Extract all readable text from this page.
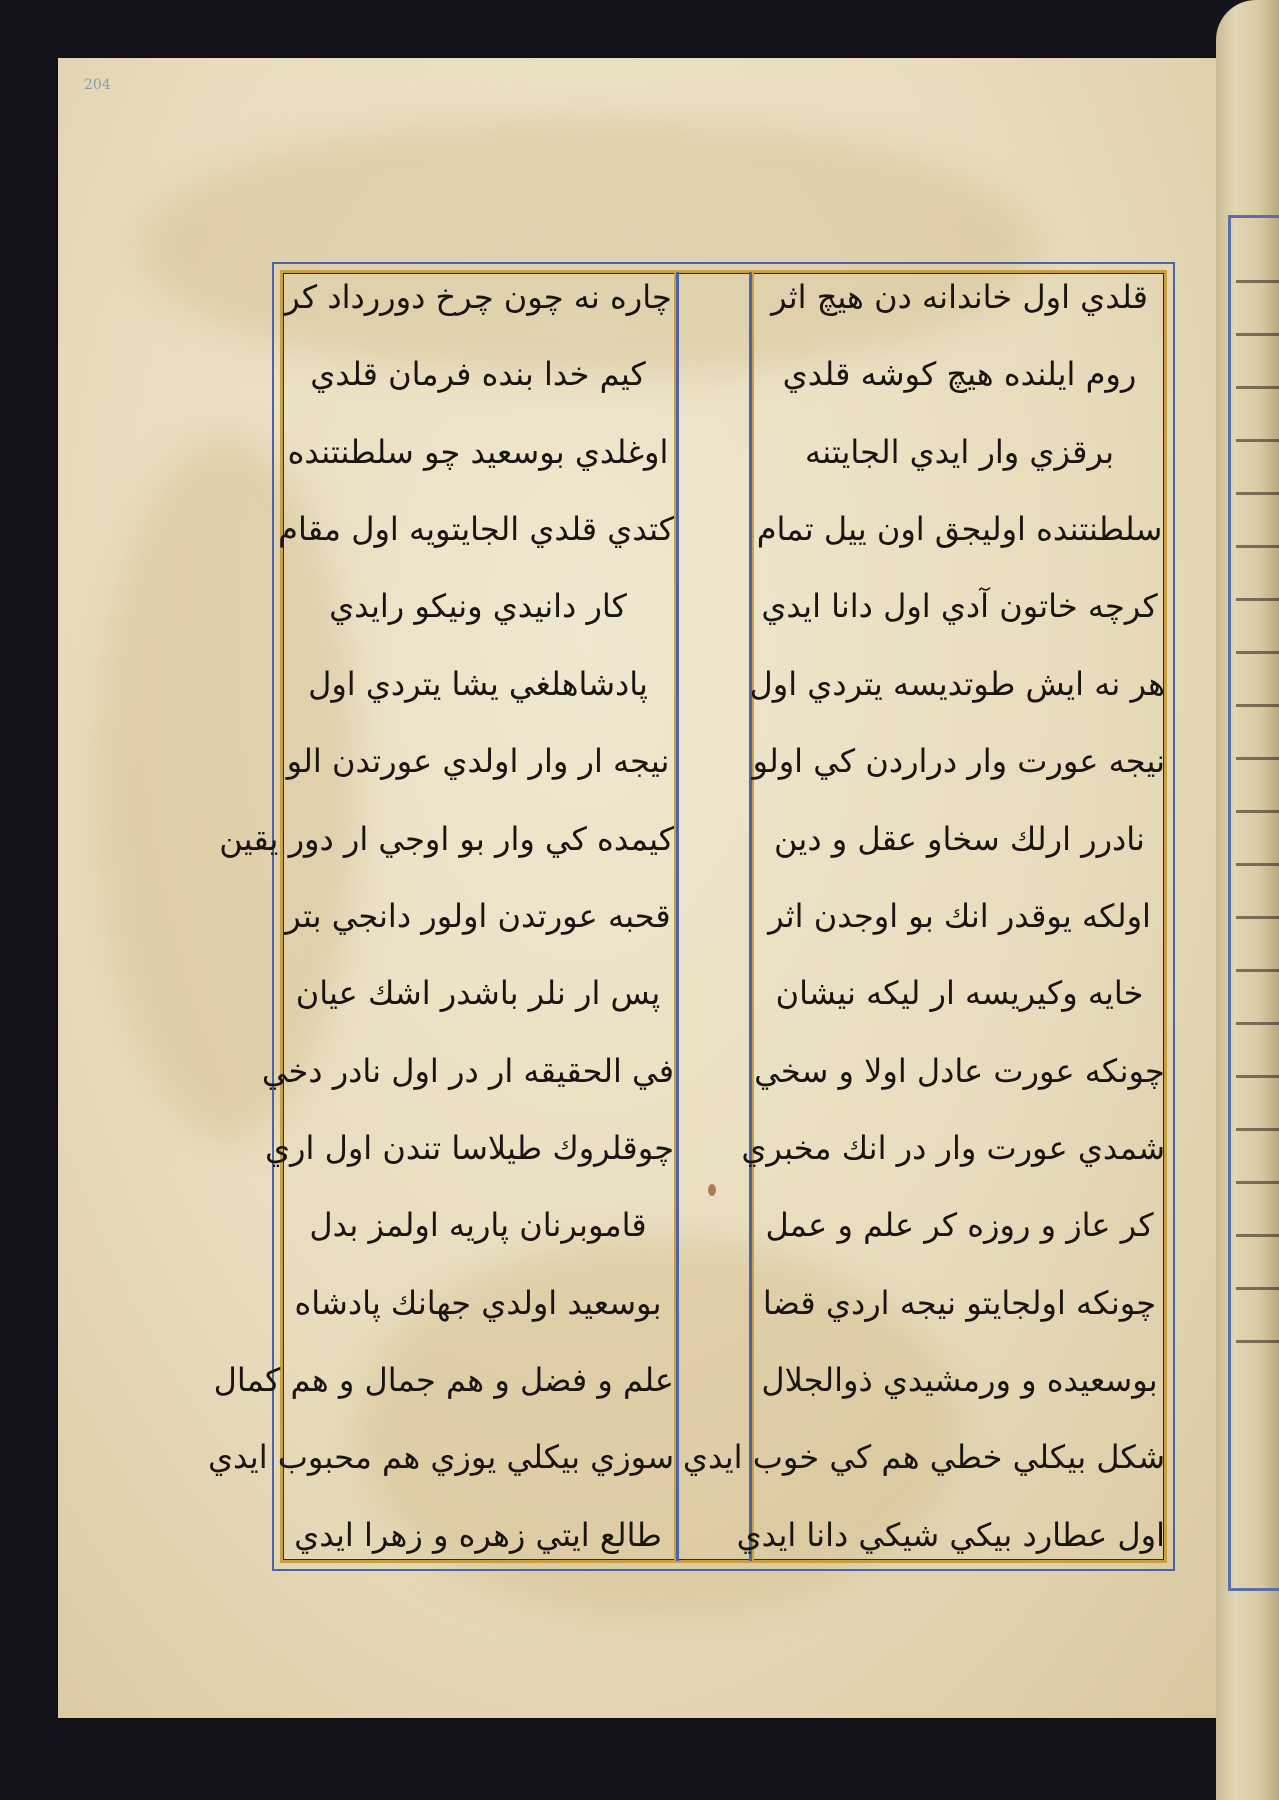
204
قلدي اول خاندانه دن هيچ اثر
روم ايلنده هيچ كوشه قلدي
برقزي وار ايدي الجايتنه
سلطنتنده اوليجق اون ييل تمام
كرچه خاتون آدي اول دانا ايدي
هر نه ايش طوتديسه يتردي اول
نيجه عورت وار دراردن كي اولو
نادرر ارلك سخاو عقل و دين
اولكه يوقدر انك بو اوجدن اثر
خايه وكيريسه ار ليكه نيشان
چونكه عورت عادل اولا و سخي
شمدي عورت وار در انك مخبري
كر عاز و روزه كر علم و عمل
چونكه اولجايتو نيجه اردي قضا
بوسعيده و ورمشيدي ذوالجلال
شكل بيكلي خطي هم كي خوب ايدي
اول عطارد بيكي شيكي دانا ايدي
چاره نه چون چرخ دوررداد كر
كيم خدا بنده فرمان قلدي
اوغلدي بوسعيد چو سلطنتنده
كتدي قلدي الجايتويه اول مقام
كار دانيدي ونيكو رايدي
پادشاهلغي يشا يتردي اول
نيجه ار وار اولدي عورتدن الو
كيمده كي وار بو اوجي ار دور يقين
قحبه عورتدن اولور دانجي بتر
پس ار نلر باشدر اشك عيان
في الحقيقه ار در اول نادر دخي
چوقلروك طيلاسا تندن اول اري
قاموبرنان پاريه اولمز بدل
بوسعيد اولدي جهانك پادشاه
علم و فضل و هم جمال و هم كمال
سوزي بيكلي يوزي هم محبوب ايدي
طالع ايتي زهره و زهرا ايدي
